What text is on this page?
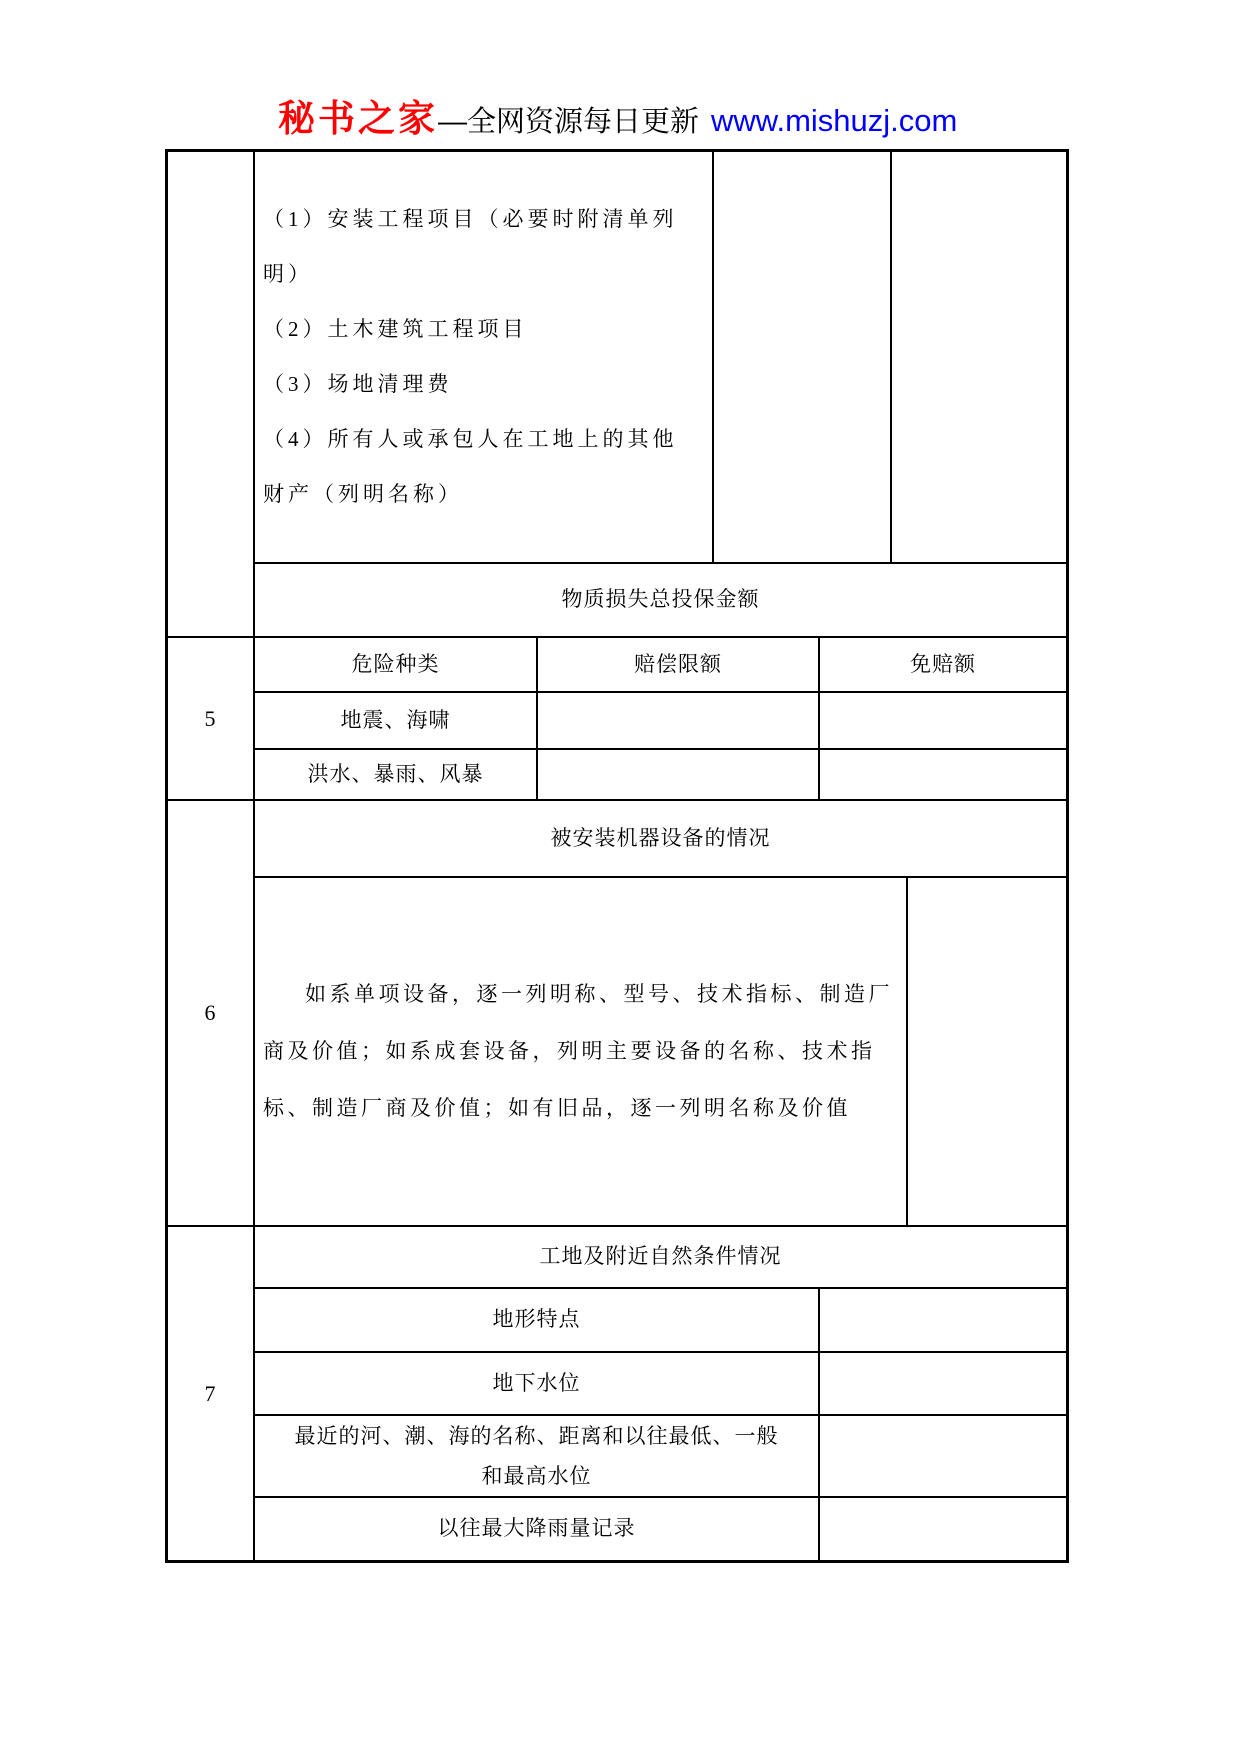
秘书之家 — 全网资源每日更新 www.mishuzj.com
（1）安装工程项目（必要时附清单列明）
（2）土木建筑工程项目
（3）场地清理费
（4）所有人或承包人在工地上的其他财产（列明名称）
物质损失总投保金额
5
危险种类	赔偿限额	免赔额
地震、海啸
洪水、暴雨、风暴
6
被安装机器设备的情况
如系单项设备，逐一列明称、型号、技术指标、制造厂商及价值；如系成套设备，列明主要设备的名称、技术指标、制造厂商及价值；如有旧品，逐一列明名称及价值
7
工地及附近自然条件情况
地形特点
地下水位
最近的河、潮、海的名称、距离和以往最低、一般和最高水位
以往最大降雨量记录
